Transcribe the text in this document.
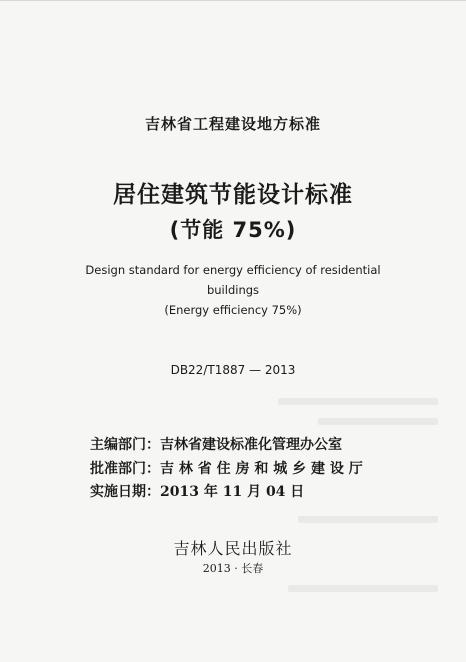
吉林省工程建设地方标准
居住建筑节能设计标准
(节能 75%)
Design standard for energy efficiency of residential
buildings
(Energy efficiency 75%)
DB22/T1887 — 2013
主编部门：吉林省建设标准化管理办公室
批准部门：吉 林 省 住 房 和 城 乡 建 设 厅
实施日期：2013 年 11 月 04 日
吉林人民出版社
2013 · 长春
